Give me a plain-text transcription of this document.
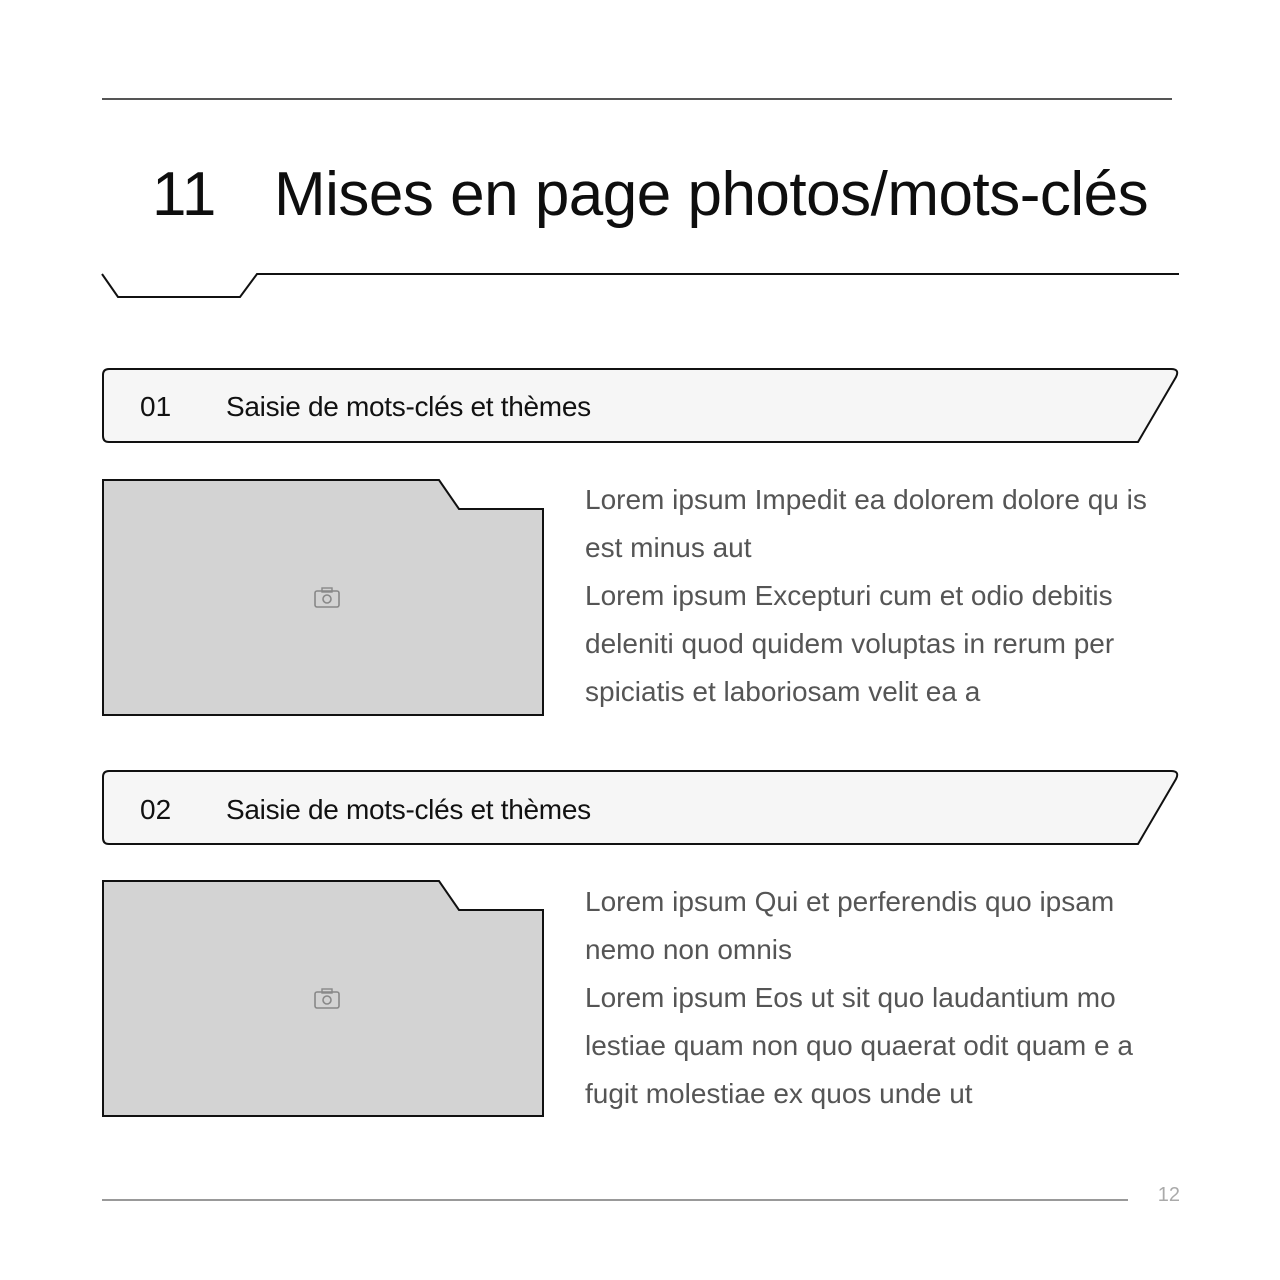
11 Mises en page photos/mots-clés
01 Saisie de mots-clés et thèmes

Lorem ipsum Impedit ea dolorem dolore qu is est minus aut

Lorem ipsum Excepturi cum et odio debitis deleniti quod quidem voluptas in rerum per spiciatis et laboriosam velit ea a

02 Saisie de mots-clés et thèmes

Lorem ipsum Qui et perferendis quo ipsam nemo non omnis

Lorem ipsum Eos ut sit quo laudantium mo lestiae quam non quo quaerat odit quam e a fugit molestiae ex quos unde ut

12
